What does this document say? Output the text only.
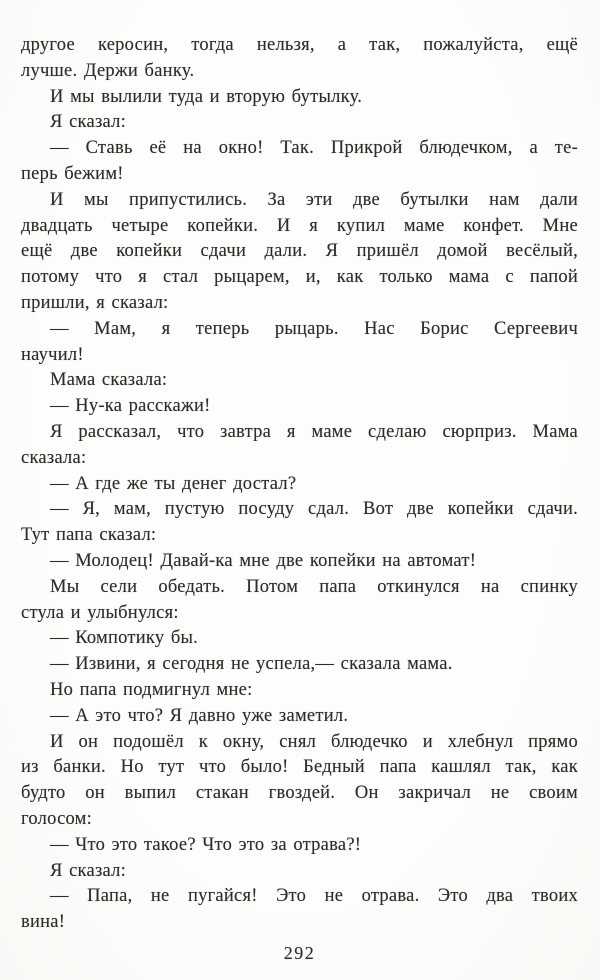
другое керосин, тогда нельзя, а так, пожалуйста, ещё
лучше. Держи банку.
И мы вылили туда и вторую бутылку.
Я сказал:
— Ставь её на окно! Так. Прикрой блюдечком, а те-
перь бежим!
И мы припустились. За эти две бутылки нам дали
двадцать четыре копейки. И я купил маме конфет. Мне
ещё две копейки сдачи дали. Я пришёл домой весёлый,
потому что я стал рыцарем, и, как только мама с папой
пришли, я сказал:
— Мам, я теперь рыцарь. Нас Борис Сергеевич
научил!
Мама сказала:
— Ну-ка расскажи!
Я рассказал, что завтра я маме сделаю сюрприз. Мама
сказала:
— А где же ты денег достал?
— Я, мам, пустую посуду сдал. Вот две копейки сдачи.
Тут папа сказал:
— Молодец! Давай-ка мне две копейки на автомат!
Мы сели обедать. Потом папа откинулся на спинку
стула и улыбнулся:
— Компотику бы.
— Извини, я сегодня не успела,— сказала мама.
Но папа подмигнул мне:
— А это что? Я давно уже заметил.
И он подошёл к окну, снял блюдечко и хлебнул прямо
из банки. Но тут что было! Бедный папа кашлял так, как
будто он выпил стакан гвоздей. Он закричал не своим
голосом:
— Что это такое? Что это за отрава?!
Я сказал:
— Папа, не пугайся! Это не отрава. Это два твоих
вина!
292
